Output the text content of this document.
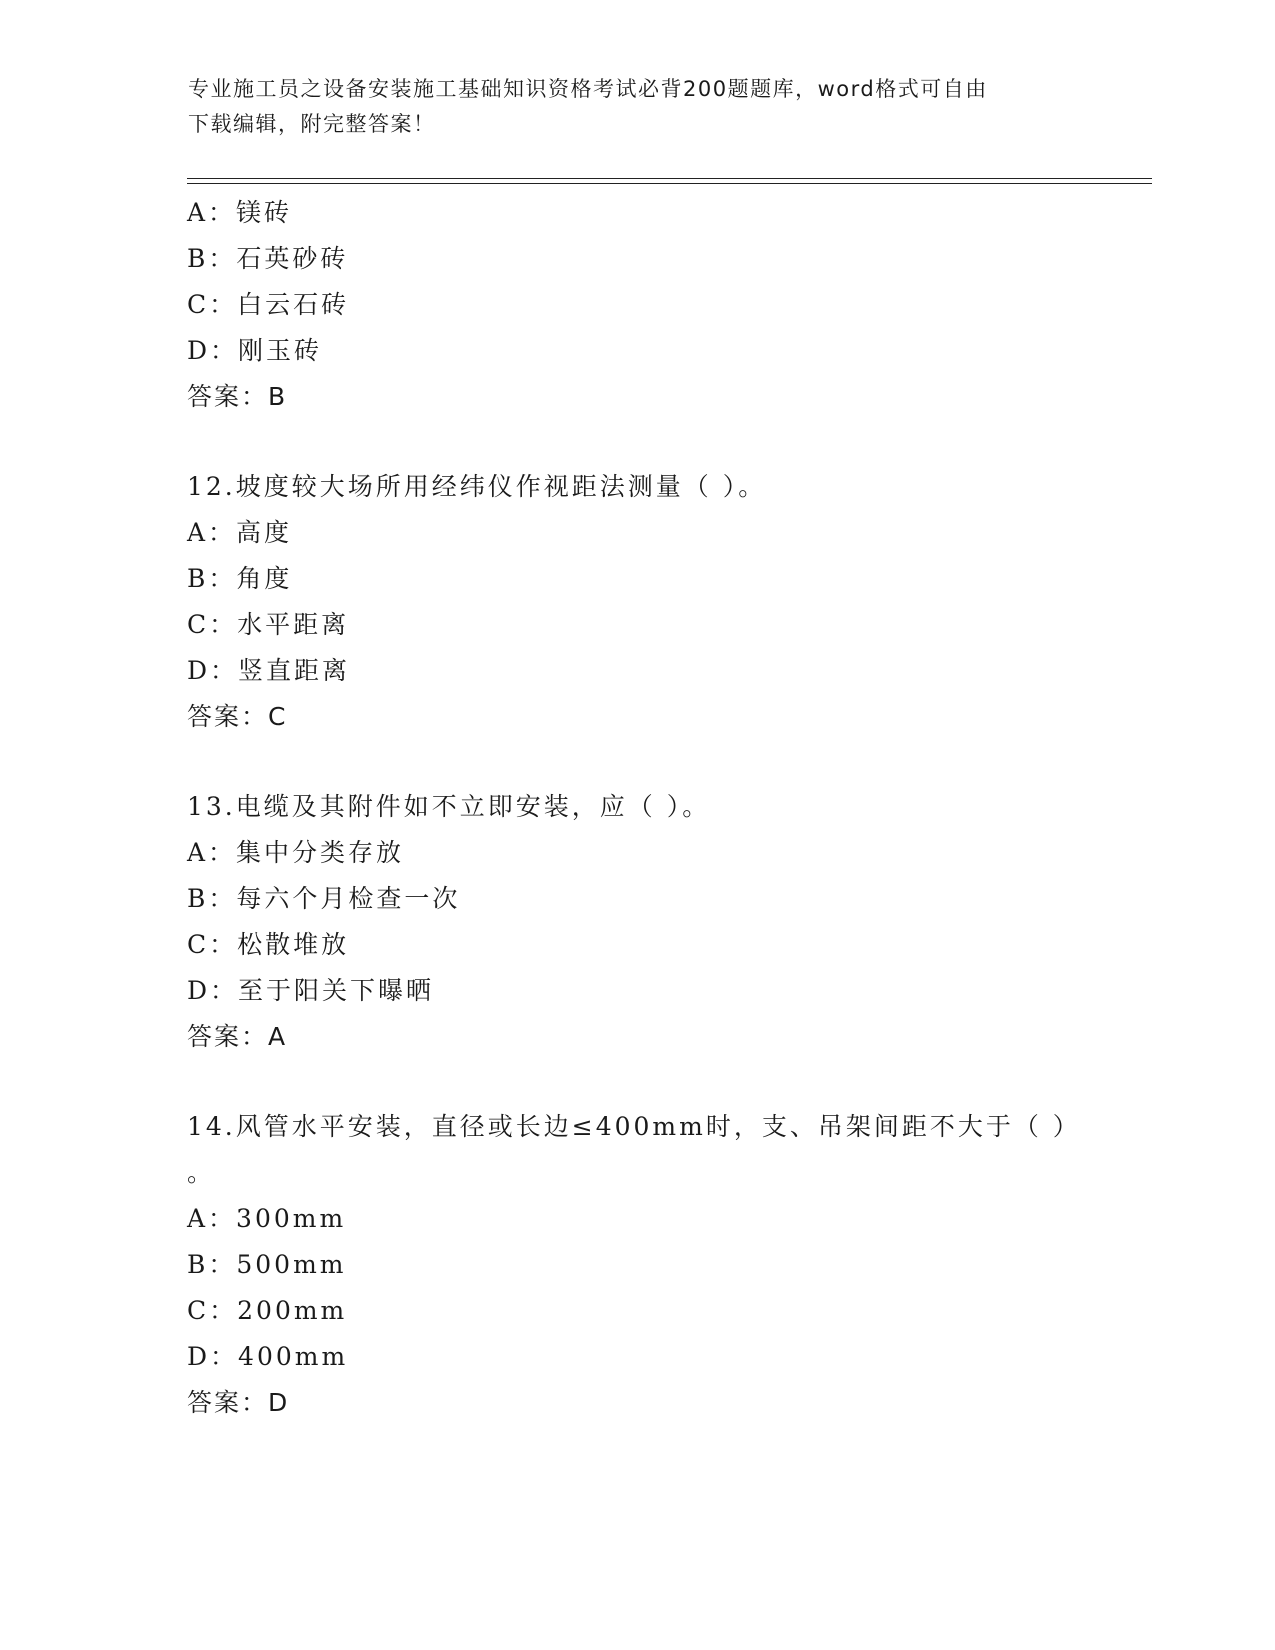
专业施工员之设备安装施工基础知识资格考试必背200题题库，word格式可自由
下载编辑，附完整答案！
A：镁砖
B：石英砂砖
C：白云石砖
D：刚玉砖
答案：B
12.坡度较大场所用经纬仪作视距法测量（ ）。
A：高度
B：角度
C：水平距离
D：竖直距离
答案：C
13.电缆及其附件如不立即安装，应（ ）。
A：集中分类存放
B：每六个月检查一次
C：松散堆放
D：至于阳关下曝晒
答案：A
14.风管水平安装，直径或长边≤400mm时，支、吊架间距不大于（ ）
。
A：300mm
B：500mm
C：200mm
D：400mm
答案：D
